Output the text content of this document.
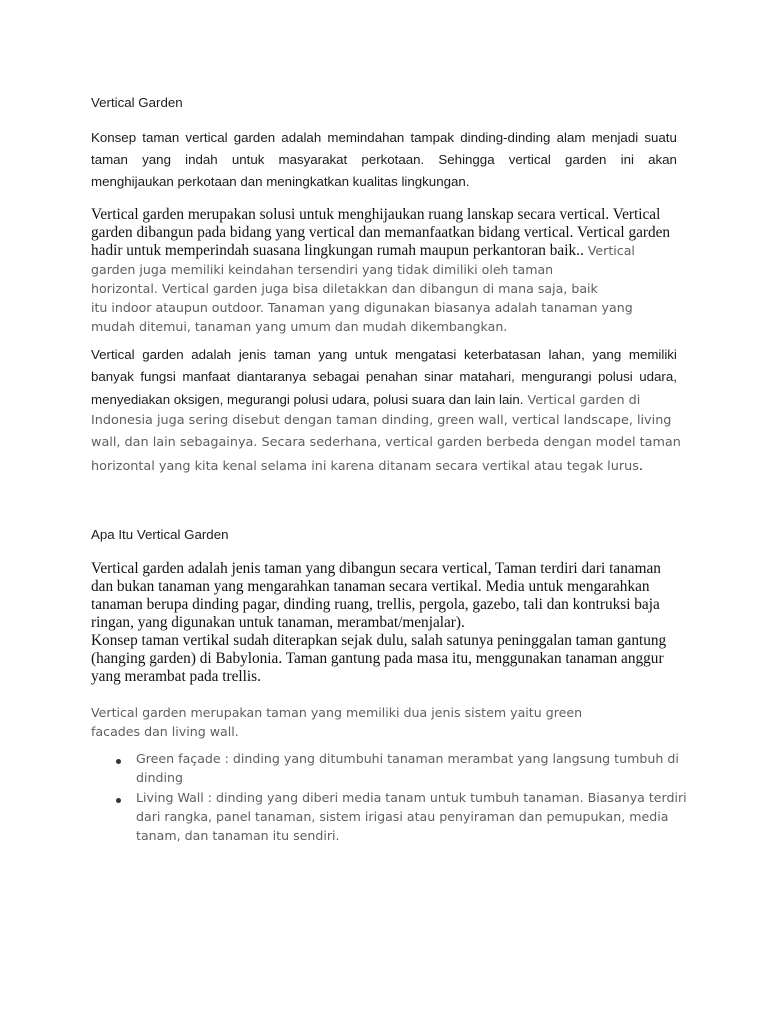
Vertical Garden

Konsep taman vertical garden adalah memindahan tampak dinding-dinding alam menjadi suatu

taman yang indah untuk masyarakat perkotaan. Sehingga vertical garden ini akan

menghijaukan perkotaan dan meningkatkan kualitas lingkungan.

Vertical garden merupakan solusi untuk menghijaukan ruang lanskap secara vertical. Vertical

garden dibangun pada bidang yang vertical dan memanfaatkan bidang vertical. Vertical garden

hadir untuk memperindah suasana lingkungan rumah maupun perkantoran baik.. Vertical

garden juga memiliki keindahan tersendiri yang tidak dimiliki oleh taman

horizontal. Vertical garden juga bisa diletakkan dan dibangun di mana saja, baik

itu indoor ataupun outdoor. Tanaman yang digunakan biasanya adalah tanaman yang

mudah ditemui, tanaman yang umum dan mudah dikembangkan.

Vertical garden adalah jenis taman yang untuk mengatasi keterbatasan lahan, yang memiliki

banyak fungsi manfaat diantaranya sebagai penahan sinar matahari, mengurangi polusi udara,

menyediakan oksigen, megurangi polusi udara, polusi suara dan lain lain. Vertical garden di

Indonesia juga sering disebut dengan taman dinding, green wall, vertical landscape, living

wall, dan lain sebagainya. Secara sederhana, vertical garden berbeda dengan model taman

horizontal yang kita kenal selama ini karena ditanam secara vertikal atau tegak lurus.

Apa Itu Vertical Garden

Vertical garden adalah jenis taman yang dibangun secara vertical, Taman terdiri dari tanaman

dan bukan tanaman yang mengarahkan tanaman secara vertikal. Media untuk mengarahkan

tanaman berupa dinding pagar, dinding ruang, trellis, pergola, gazebo, tali dan kontruksi baja

ringan, yang digunakan untuk tanaman, merambat/menjalar).

Konsep taman vertikal sudah diterapkan sejak dulu, salah satunya peninggalan taman gantung

(hanging garden) di Babylonia. Taman gantung pada masa itu, menggunakan tanaman anggur

yang merambat pada trellis.

Vertical garden merupakan taman yang memiliki dua jenis sistem yaitu green

facades dan living wall.

Green façade : dinding yang ditumbuhi tanaman merambat yang langsung tumbuh di

dinding

Living Wall : dinding yang diberi media tanam untuk tumbuh tanaman. Biasanya terdiri

dari rangka, panel tanaman, sistem irigasi atau penyiraman dan pemupukan, media

tanam, dan tanaman itu sendiri.
